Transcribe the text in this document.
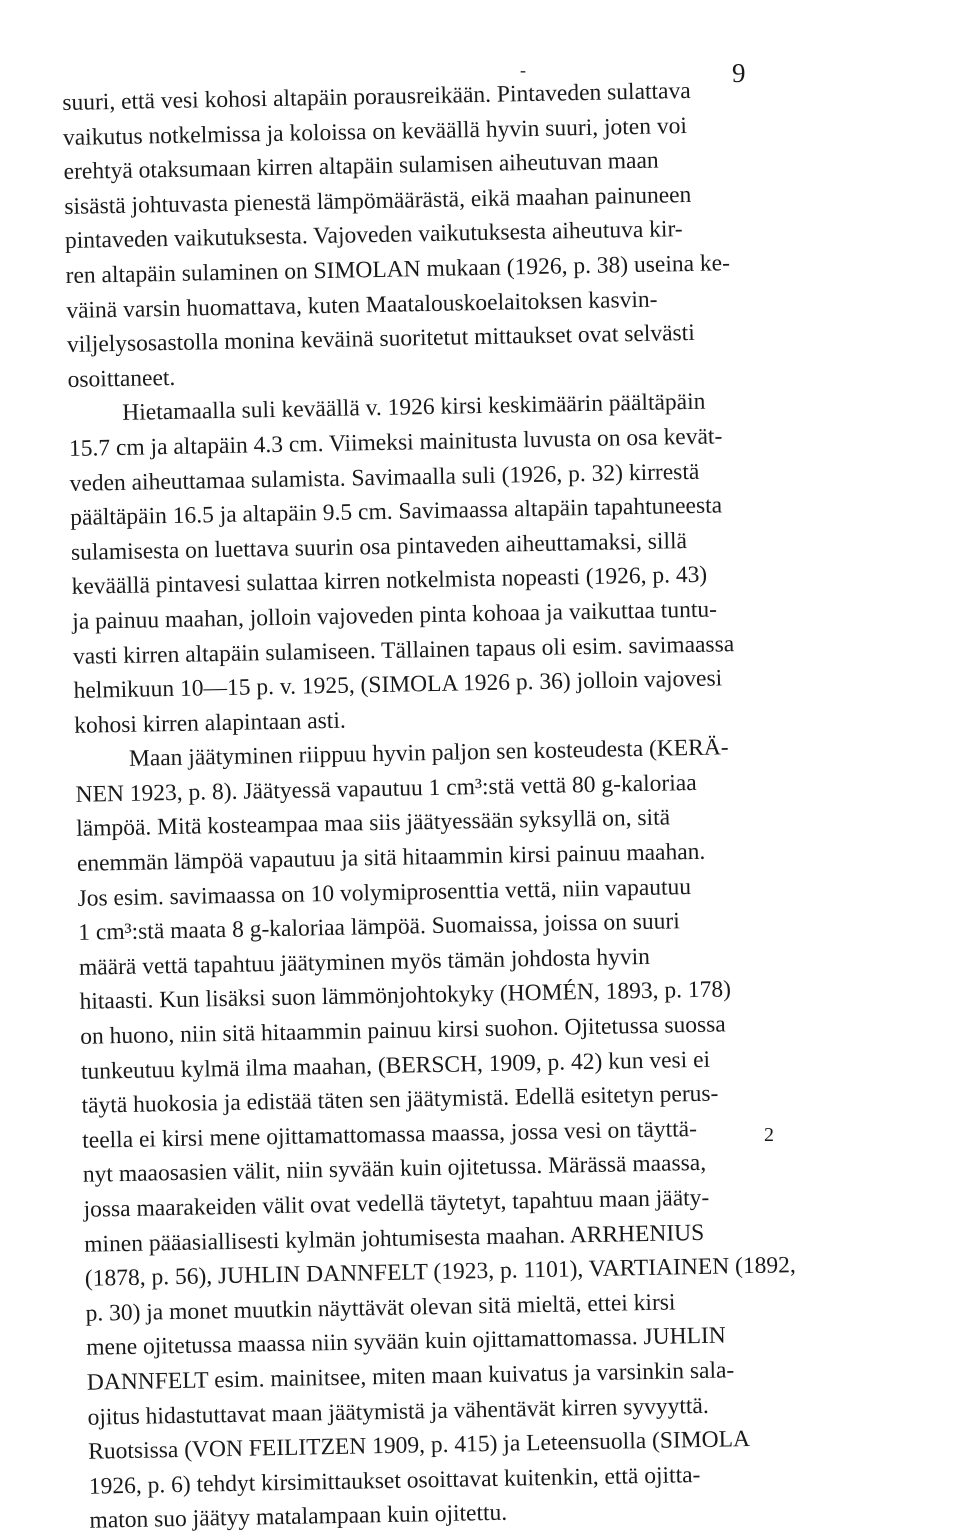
-	9
suuri, että vesi kohosi altapäin porausreikään. Pintaveden sulattava
vaikutus notkelmissa ja koloissa on keväällä hyvin suuri, joten voi
erehtyä otaksumaan kirren altapäin sulamisen aiheutuvan maan
sisästä johtuvasta pienestä lämpömäärästä, eikä maahan painuneen
pintaveden vaikutuksesta. Vajoveden vaikutuksesta aiheutuva kir-
ren altapäin sulaminen on SIMOLAN mukaan (1926, p. 38) useina ke-
väinä varsin huomattava, kuten Maatalouskoelaitoksen kasvin-
viljelysosastolla monina keväinä suoritetut mittaukset ovat selvästi
osoittaneet.
Hietamaalla suli keväällä v. 1926 kirsi keskimäärin päältäpäin
15.7 cm ja altapäin 4.3 cm. Viimeksi mainitusta luvusta on osa kevät-
veden aiheuttamaa sulamista. Savimaalla suli (1926, p. 32) kirrestä
päältäpäin 16.5 ja altapäin 9.5 cm. Savimaassa altapäin tapahtuneesta
sulamisesta on luettava suurin osa pintaveden aiheuttamaksi, sillä
keväällä pintavesi sulattaa kirren notkelmista nopeasti (1926, p. 43)
ja painuu maahan, jolloin vajoveden pinta kohoaa ja vaikuttaa tuntu-
vasti kirren altapäin sulamiseen. Tällainen tapaus oli esim. savimaassa
helmikuun 10—15 p. v. 1925, (SIMOLA 1926 p. 36) jolloin vajovesi
kohosi kirren alapintaan asti.
Maan jäätyminen riippuu hyvin paljon sen kosteudesta (KERÄ-
NEN 1923, p. 8). Jäätyessä vapautuu 1 cm³:stä vettä 80 g-kaloriaa
lämpöä. Mitä kosteampaa maa siis jäätyessään syksyllä on, sitä
enemmän lämpöä vapautuu ja sitä hitaammin kirsi painuu maahan.
Jos esim. savimaassa on 10 volymiprosenttia vettä, niin vapautuu
1 cm³:stä maata 8 g-kaloriaa lämpöä. Suomaissa, joissa on suuri
määrä vettä tapahtuu jäätyminen myös tämän johdosta hyvin
hitaasti. Kun lisäksi suon lämmönjohtokyky (HOMÉN, 1893, p. 178)
on huono, niin sitä hitaammin painuu kirsi suohon. Ojitetussa suossa
tunkeutuu kylmä ilma maahan, (BERSCH, 1909, p. 42) kun vesi ei
täytä huokosia ja edistää täten sen jäätymistä. Edellä esitetyn perus-
teella ei kirsi mene ojittamattomassa maassa, jossa vesi on täyttä-
nyt maaosasien välit, niin syvään kuin ojitetussa. Märässä maassa,
jossa maarakeiden välit ovat vedellä täytetyt, tapahtuu maan jääty-
minen pääasiallisesti kylmän johtumisesta maahan. ARRHENIUS
(1878, p. 56), JUHLIN DANNFELT (1923, p. 1101), VARTIAINEN (1892,
p. 30) ja monet muutkin näyttävät olevan sitä mieltä, ettei kirsi
mene ojitetussa maassa niin syvään kuin ojittamattomassa. JUHLIN
DANNFELT esim. mainitsee, miten maan kuivatus ja varsinkin sala-
ojitus hidastuttavat maan jäätymistä ja vähentävät kirren syvyyttä.
Ruotsissa (VON FEILITZEN 1909, p. 415) ja Leteensuolla (SIMOLA
1926, p. 6) tehdyt kirsimittaukset osoittavat kuitenkin, että ojitta-
maton suo jäätyy matalampaan kuin ojitettu.
2
